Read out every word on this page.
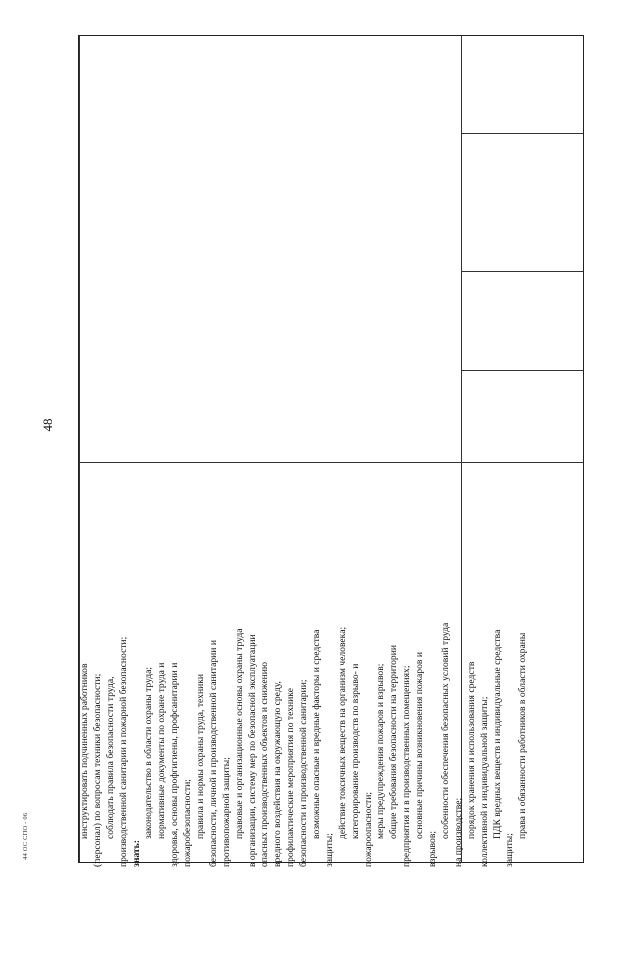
48
44 ОС СПО - 06	инструктировать подчиненных работников (персонал) по вопросам техники безопасности; соблюдать правила безопасности труда, производственной санитарии и пожарной безопасности; знать:
законодательство в области охраны труда; нормативные документы по охране труда и здоровья, основы профгигиены, профсанитарии и пожаробезопасности; правила и нормы охраны труда, техники безопасности, личной и производственной санитарии и противопожарной защиты; правовые и организационные основы охраны труда в организации, систему мер по безопасной эксплуатации опасных производственных объектов и снижению вредного воздействия на окружающую среду, профилактические мероприятия по технике безопасности и производственной санитарии; возможные опасные и вредные факторы и средства
защиты;
действие токсичных веществ на организм человека; категорирование производств по взрыво- и пожароопасности; меры предупреждения пожаров и взрывов; общие требования безопасности на территории предприятия и в производственных помещениях; основные причины возникновения пожаров и
взрывов;
особенности обеспечения безопасных условий труда на производстве; порядок хранения и использования средств коллективной и индивидуальной защиты; ПДК вредных веществ и индивидуальные средства
защиты;
права и обязанности работников в области охраны
